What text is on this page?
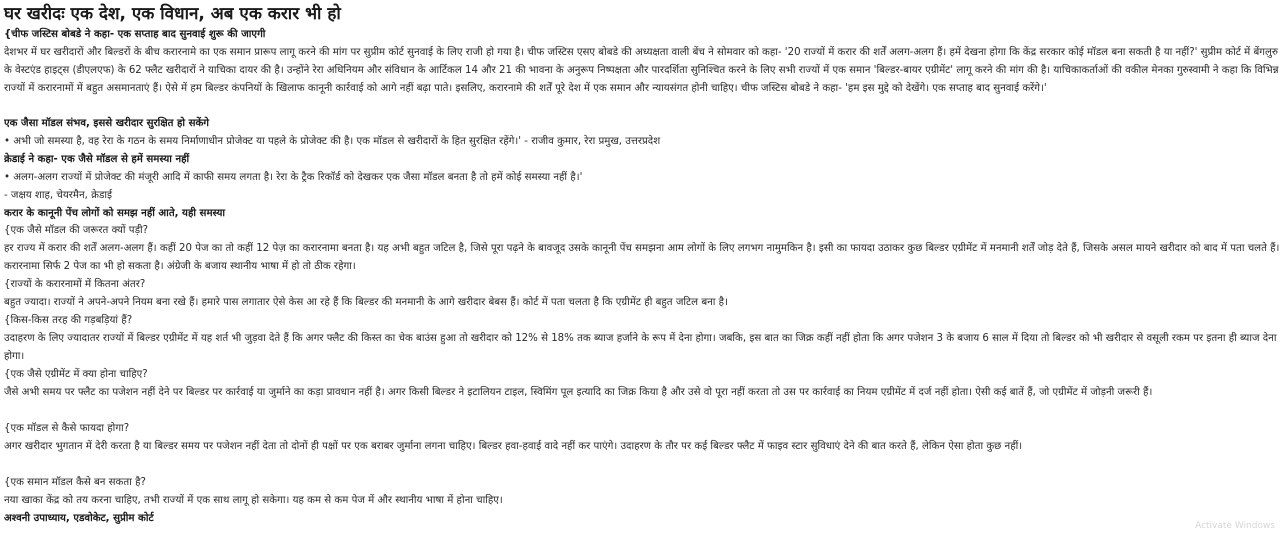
घर खरीदः एक देश, एक विधान, अब एक करार भी हो

{चीफ जस्टिस बोबडे ने कहा- एक सप्ताह बाद सुनवाई शुरू की जाएगी

देशभर में घर खरीदारों और बिल्डरों के बीच करारनामे का एक समान प्रारूप लागू करने की मांग पर सुप्रीम कोर्ट सुनवाई के लिए राजी हो गया है। चीफ जस्टिस एसए बोबडे की अध्यक्षता वाली बेंच ने सोमवार को कहा- '20 राज्यों में करार की शर्तें अलग-अलग हैं। हमें देखना होगा कि केंद्र सरकार कोई मॉडल बना सकती है या नहीं?' सुप्रीम कोर्ट में बेंगलुरु के वेस्टएंड हाइट्स (डीएलएफ) के 62 फ्लैट खरीदारों ने याचिका दायर की है। उन्होंने रेरा अधिनियम और संविधान के आर्टिकल 14 और 21 की भावना के अनुरूप निष्पक्षता और पारदर्शिता सुनिश्चित करने के लिए सभी राज्यों में एक समान 'बिल्डर-बायर एग्रीमेंट' लागू करने की मांग की है। याचिकाकर्ताओं की वकील मेनका गुरुस्वामी ने कहा कि विभिन्न राज्यों में करारनामों में बहुत असमानताएं हैं। ऐसे में हम बिल्डर कंपनियों के खिलाफ कानूनी कार्रवाई को आगे नहीं बढ़ा पाते। इसलिए, करारनामे की शर्तें पूरे देश में एक समान और न्यायसंगत होनी चाहिए। चीफ जस्टिस बोबडे ने कहा- 'हम इस मुद्दे को देखेंगे। एक सप्ताह बाद सुनवाई करेंगे।'

एक जैसा मॉडल संभव, इससे खरीदार सुरक्षित हो सकेंगे

• अभी जो समस्या है, वह रेरा के गठन के समय निर्माणाधीन प्रोजेक्ट या पहले के प्रोजेक्ट की है। एक मॉडल से खरीदारों के हित सुरक्षित रहेंगे।' - राजीव कुमार, रेरा प्रमुख, उत्तरप्रदेश

क्रेडाई ने कहा- एक जैसे मॉडल से हमें समस्या नहीं

• अलग-अलग राज्यों में प्रोजेक्ट की मंजूरी आदि में काफी समय लगता है। रेरा के ट्रैक रिकॉर्ड को देखकर एक जैसा मॉडल बनता है तो हमें कोई समस्या नहीं है।'

- जक्षय शाह, चेयरमैन, क्रेडाई

करार के कानूनी पेंच लोगों को समझ नहीं आते, यही समस्या

{एक जैसे मॉडल की जरूरत क्यों पड़ी?

हर राज्य में करार की शर्तें अलग-अलग हैं। कहीं 20 पेज का तो कहीं 12 पेज़ का करारनामा बनता है। यह अभी बहुत जटिल है, जिसे पूरा पढ़ने के बावजूद उसके कानूनी पेंच समझना आम लोगों के लिए लगभग नामुमकिन है। इसी का फायदा उठाकर कुछ बिल्डर एग्रीमेंट में मनमानी शर्तें जोड़ देते हैं, जिसके असल मायने खरीदार को बाद में पता चलते हैं। करारनामा सिर्फ 2 पेज का भी हो सकता है। अंग्रेजी के बजाय स्थानीय भाषा में हो तो ठीक रहेगा।

{राज्यों के करारनामों में कितना अंतर?

बहुत ज्यादा। राज्यों ने अपने-अपने नियम बना रखे हैं। हमारे पास लगातार ऐसे केस आ रहे हैं कि बिल्डर की मनमानी के आगे खरीदार बेबस हैं। कोर्ट में पता चलता है कि एग्रीमेंट ही बहुत जटिल बना है।

{किस-किस तरह की गड़बड़ियां हैं?

उदाहरण के लिए ज्यादातर राज्यों में बिल्डर एग्रीमेंट में यह शर्त भी जुड़वा देते हैं कि अगर फ्लैट की किस्त का चेक बाउंस हुआ तो खरीदार को 12% से 18% तक ब्याज हर्जाने के रूप में देना होगा। जबकि, इस बात का जिक्र कहीं नहीं होता कि अगर पजेशन 3 के बजाय 6 साल में दिया तो बिल्डर को भी खरीदार से वसूली रकम पर इतना ही ब्याज देना होगा।

{एक जैसे एग्रीमेंट में क्या होना चाहिए?

जैसे अभी समय पर फ्लैट का पजेशन नहीं देने पर बिल्डर पर कार्रवाई या जुर्माने का कड़ा प्रावधान नहीं है। अगर किसी बिल्डर ने इटालियन टाइल, स्विमिंग पूल इत्यादि का जिक्र किया है और उसे वो पूरा नहीं करता तो उस पर कार्रवाई का नियम एग्रीमेंट में दर्ज नहीं होता। ऐसी कई बातें हैं, जो एग्रीमेंट में जोड़नी जरूरी हैं।

{एक मॉडल से कैसे फायदा होगा?

अगर खरीदार भुगतान में देरी करता है या बिल्डर समय पर पजेशन नहीं देता तो दोनों ही पक्षों पर एक बराबर जुर्माना लगना चाहिए। बिल्डर हवा-हवाई वादे नहीं कर पाएंगे। उदाहरण के तौर पर कई बिल्डर फ्लैट में फाइव स्टार सुविधाएं देने की बात करते हैं, लेकिन ऐसा होता कुछ नहीं।

{एक समान मॉडल कैसे बन सकता है?

नया खाका केंद्र को तय करना चाहिए, तभी राज्यों में एक साथ लागू हो सकेगा। यह कम से कम पेज में और स्थानीय भाषा में होना चाहिए।

अश्वनी उपाध्याय, एडवोकेट, सुप्रीम कोर्ट

Activate Windows
